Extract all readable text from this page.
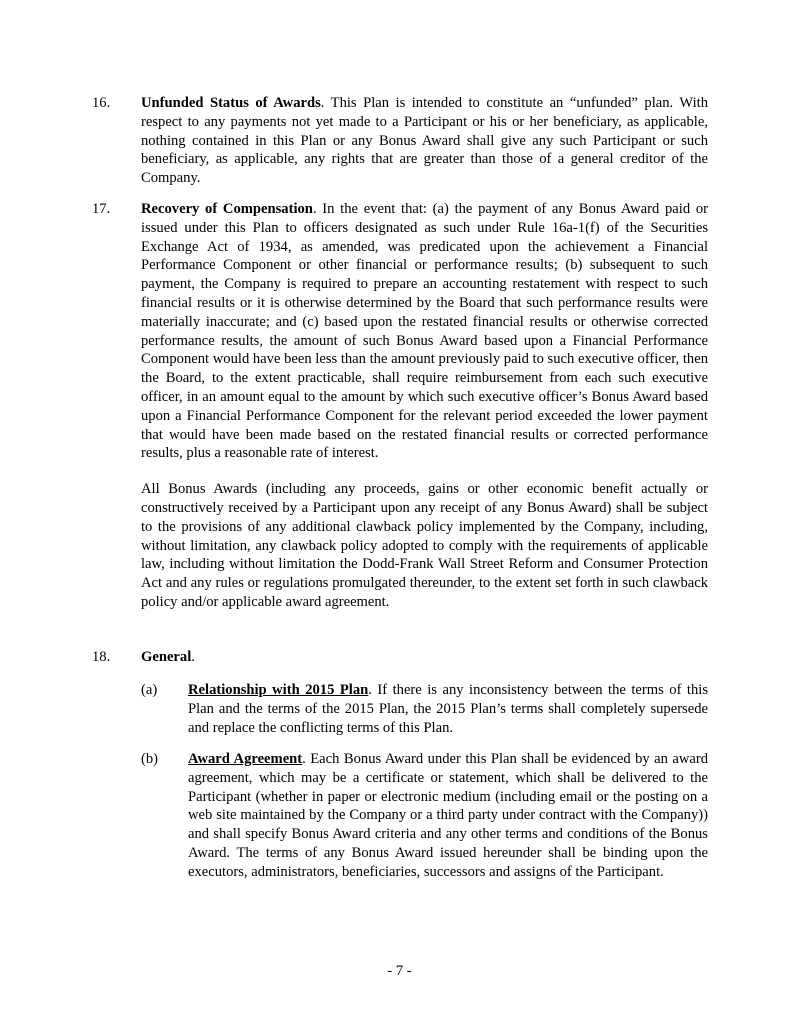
16. Unfunded Status of Awards. This Plan is intended to constitute an “unfunded” plan. With respect to any payments not yet made to a Participant or his or her beneficiary, as applicable, nothing contained in this Plan or any Bonus Award shall give any such Participant or such beneficiary, as applicable, any rights that are greater than those of a general creditor of the Company.

17. Recovery of Compensation. In the event that: (a) the payment of any Bonus Award paid or issued under this Plan to officers designated as such under Rule 16a-1(f) of the Securities Exchange Act of 1934, as amended, was predicated upon the achievement a Financial Performance Component or other financial or performance results; (b) subsequent to such payment, the Company is required to prepare an accounting restatement with respect to such financial results or it is otherwise determined by the Board that such performance results were materially inaccurate; and (c) based upon the restated financial results or otherwise corrected performance results, the amount of such Bonus Award based upon a Financial Performance Component would have been less than the amount previously paid to such executive officer, then the Board, to the extent practicable, shall require reimbursement from each such executive officer, in an amount equal to the amount by which such executive officer’s Bonus Award based upon a Financial Performance Component for the relevant period exceeded the lower payment that would have been made based on the restated financial results or corrected performance results, plus a reasonable rate of interest.

All Bonus Awards (including any proceeds, gains or other economic benefit actually or constructively received by a Participant upon any receipt of any Bonus Award) shall be subject to the provisions of any additional clawback policy implemented by the Company, including, without limitation, any clawback policy adopted to comply with the requirements of applicable law, including without limitation the Dodd-Frank Wall Street Reform and Consumer Protection Act and any rules or regulations promulgated thereunder, to the extent set forth in such clawback policy and/or applicable award agreement.

18. General.

(a) Relationship with 2015 Plan. If there is any inconsistency between the terms of this Plan and the terms of the 2015 Plan, the 2015 Plan’s terms shall completely supersede and replace the conflicting terms of this Plan.
(b) Award Agreement. Each Bonus Award under this Plan shall be evidenced by an award agreement, which may be a certificate or statement, which shall be delivered to the Participant (whether in paper or electronic medium (including email or the posting on a web site maintained by the Company or a third party under contract with the Company)) and shall specify Bonus Award criteria and any other terms and conditions of the Bonus Award. The terms of any Bonus Award issued hereunder shall be binding upon the executors, administrators, beneficiaries, successors and assigns of the Participant.
- 7 -
